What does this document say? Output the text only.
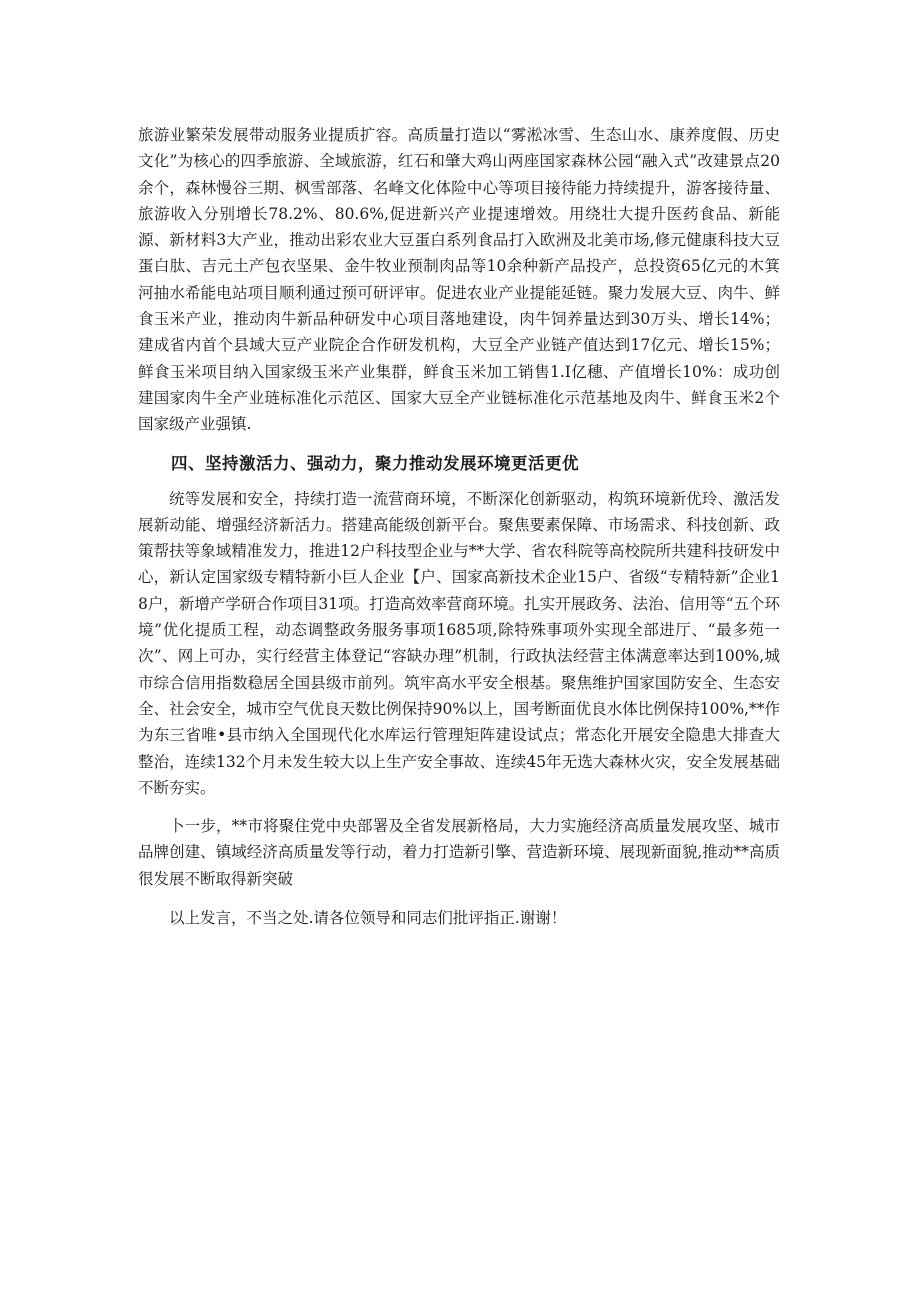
旅游业繁荣发展带动服务业提质扩容。高质量打造以“雾淞冰雪、生态山水、康养度假、历史文化”为核心的四季旅游、全域旅游，红石和肇大鸡山两座国家森林公园“融入式”改建景点20余个，森林慢谷三期、枫雪部落、名峰文化体险中心等项目接待能力持续提升，游客接待量、旅游收入分别增长78.2%、80.6%,促进新兴产业提速增效。用绕壮大提升医药食品、新能源、新材料3大产业，推动出彩农业大豆蛋白系列食品打入欧洲及北美市场,修元健康科技大豆蛋白肽、吉元土产包衣坚果、金牛牧业预制肉品等10余种新产品投产，总投资65亿元的木箕河抽水希能电站项目顺利通过预可研评审。促进农业产业提能延链。聚力发展大豆、肉牛、鲜食玉米产业，推动肉牛新品种研发中心项目落地建设，肉牛饲养量达到30万头、增长14%；建成省内首个县域大豆产业院企合作研发机构，大豆全产业链产值达到17亿元、增长15%；鲜食玉米项目纳入国家级玉米产业集群，鲜食玉米加工销售1.I亿穗、产值增长10%：成功创建国家肉牛全产业琏标准化示范区、国家大豆全产业链标准化示范基地及肉牛、鲜食玉米2个国家级产业强镇.

四、坚持激活力、强动力，聚力推动发展环境更活更优

统等发展和安全，持续打造一流营商环境，不断深化创新驱动，构筑环境新优玲、激活发展新动能、增强经济新活力。搭建高能级创新平台。聚焦要素保障、市场需求、科技创新、政策帮扶等象域精准发力，推进12户科技型企业与**大学、省农科院等高校院所共建科技研发中心，新认定国家级专精特新小巨人企业【户、国家高新技术企业15户、省级“专精特新”企业18户，新增产学研合作项目31项。打造高效率营商环境。扎实开展政务、法治、信用等“五个环境”优化提质工程，动态调整政务服务事项1685项,除特殊事项外实现全部进厅、“最多苑一次”、网上可办，实行经营主体登记“容缺办理”机制，行政执法经营主体满意率达到100%,城市综合信用指数稳居全国县级市前列。筑牢高水平安全根基。聚焦维护国家国防安全、生态安全、社会安全，城市空气优良天数比例保持90%以上，国考断面优良水体比例保持100%,**作为东三省唯•县市纳入全国现代化水库运行管理矩阵建设试点；常态化开展安全隐患大排查大整治，连续132个月未发生较大以上生产安全事故、连续45年无选大森林火灾，安全发展基础不断夯实。

卜一步，**市将聚住党中央部署及全省发展新格局，大力实施经济高质量发展攻坚、城市品牌创建、镇域经济高质量发等行动，着力打造新引擎、营造新环境、展现新面貌,推动**高质很发展不断取得新突破

以上发言，不当之处.请各位领导和同志们批评指正.谢谢！
